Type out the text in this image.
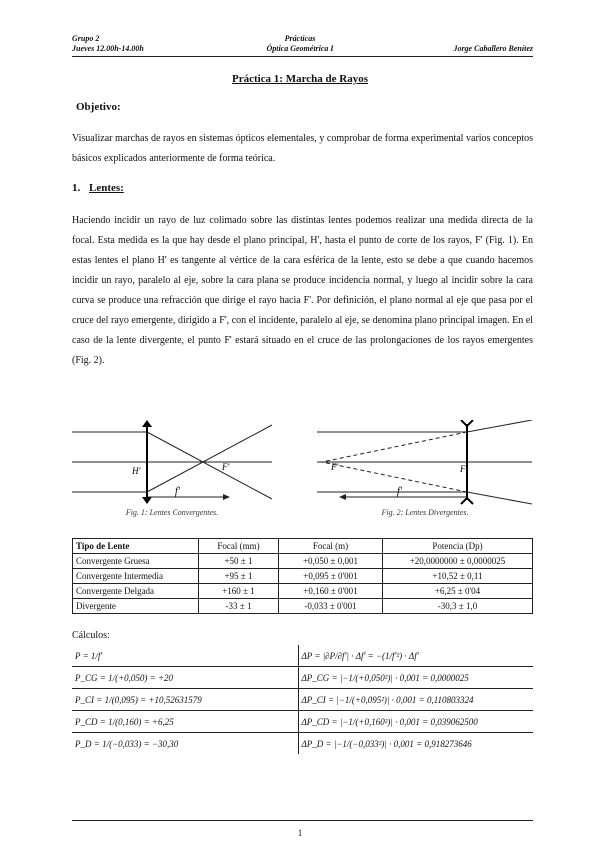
Grupo 2
Jueves 12.00h-14.00h
Prácticas
Óptica Geométrica I	Jorge Caballero Benítez
Práctica 1: Marcha de Rayos
Objetivo:
Visualizar marchas de rayos en sistemas ópticos elementales, y comprobar de forma experimental varios conceptos básicos explicados anteriormente de forma teórica.
1. Lentes:
Haciendo incidir un rayo de luz colimado sobre las distintas lentes podemos realizar una medida directa de la focal. Esta medida es la que hay desde el plano principal, H', hasta el punto de corte de los rayos, F' (Fig. 1). En estas lentes el plano H' es tangente al vértice de la cara esférica de la lente, esto se debe a que cuando hacemos incidir un rayo, paralelo al eje, sobre la cara plana se produce incidencia normal, y luego al incidir sobre la cara curva se produce una refracción que dirige el rayo hacia F'. Por definición, el plano normal al eje que pasa por el cruce del rayo emergente, dirigido a F', con el incidente, paralelo al eje, se denomina plano principal imagen. En el caso de la lente divergente, el punto F' estará situado en el cruce de las prolongaciones de los rayos emergentes (Fig. 2).
H'	F'
f'
Fig. 1: Lentes Convergentes.
F'	F'
f'
Fig. 2: Lentes Divergentes.
Tipo de Lente	Focal (mm)	Focal (m)	Potencia (Dp)
Convergente Gruesa	+50 ± 1	+0,050 ± 0,001	+20,0000000 ± 0,0000025
Convergente Intermedia	+95 ± 1	+0,095 ± 0'001	+10,52 ± 0,11
Convergente Delgada	+160 ± 1	+0,160 ± 0'001	+6,25 ± 0'04
Divergente	-33 ± 1	-0,033 ± 0'001	-30,3 ± 1,0
Cálculos:
P = 1/f'	ΔP = |∂P/∂f'| · Δf' = −(1/f'²) · Δf'
P_CG = 1/(+0,050) = +20	ΔP_CG = |−1/(+0,050²)| · 0,001 = 0,0000025
P_CI = 1/(0,095) = +10,52631579	ΔP_CI = |−1/(+0,095²)| · 0,001 = 0,110803324
P_CD = 1/(0,160) = +6,25	ΔP_CD = |−1/(+0,160²)| · 0,001 = 0,039062500
P_D = 1/(−0,033) = −30,30	ΔP_D = |−1/(−0,033²)| · 0,001 = 0,918273646
1
